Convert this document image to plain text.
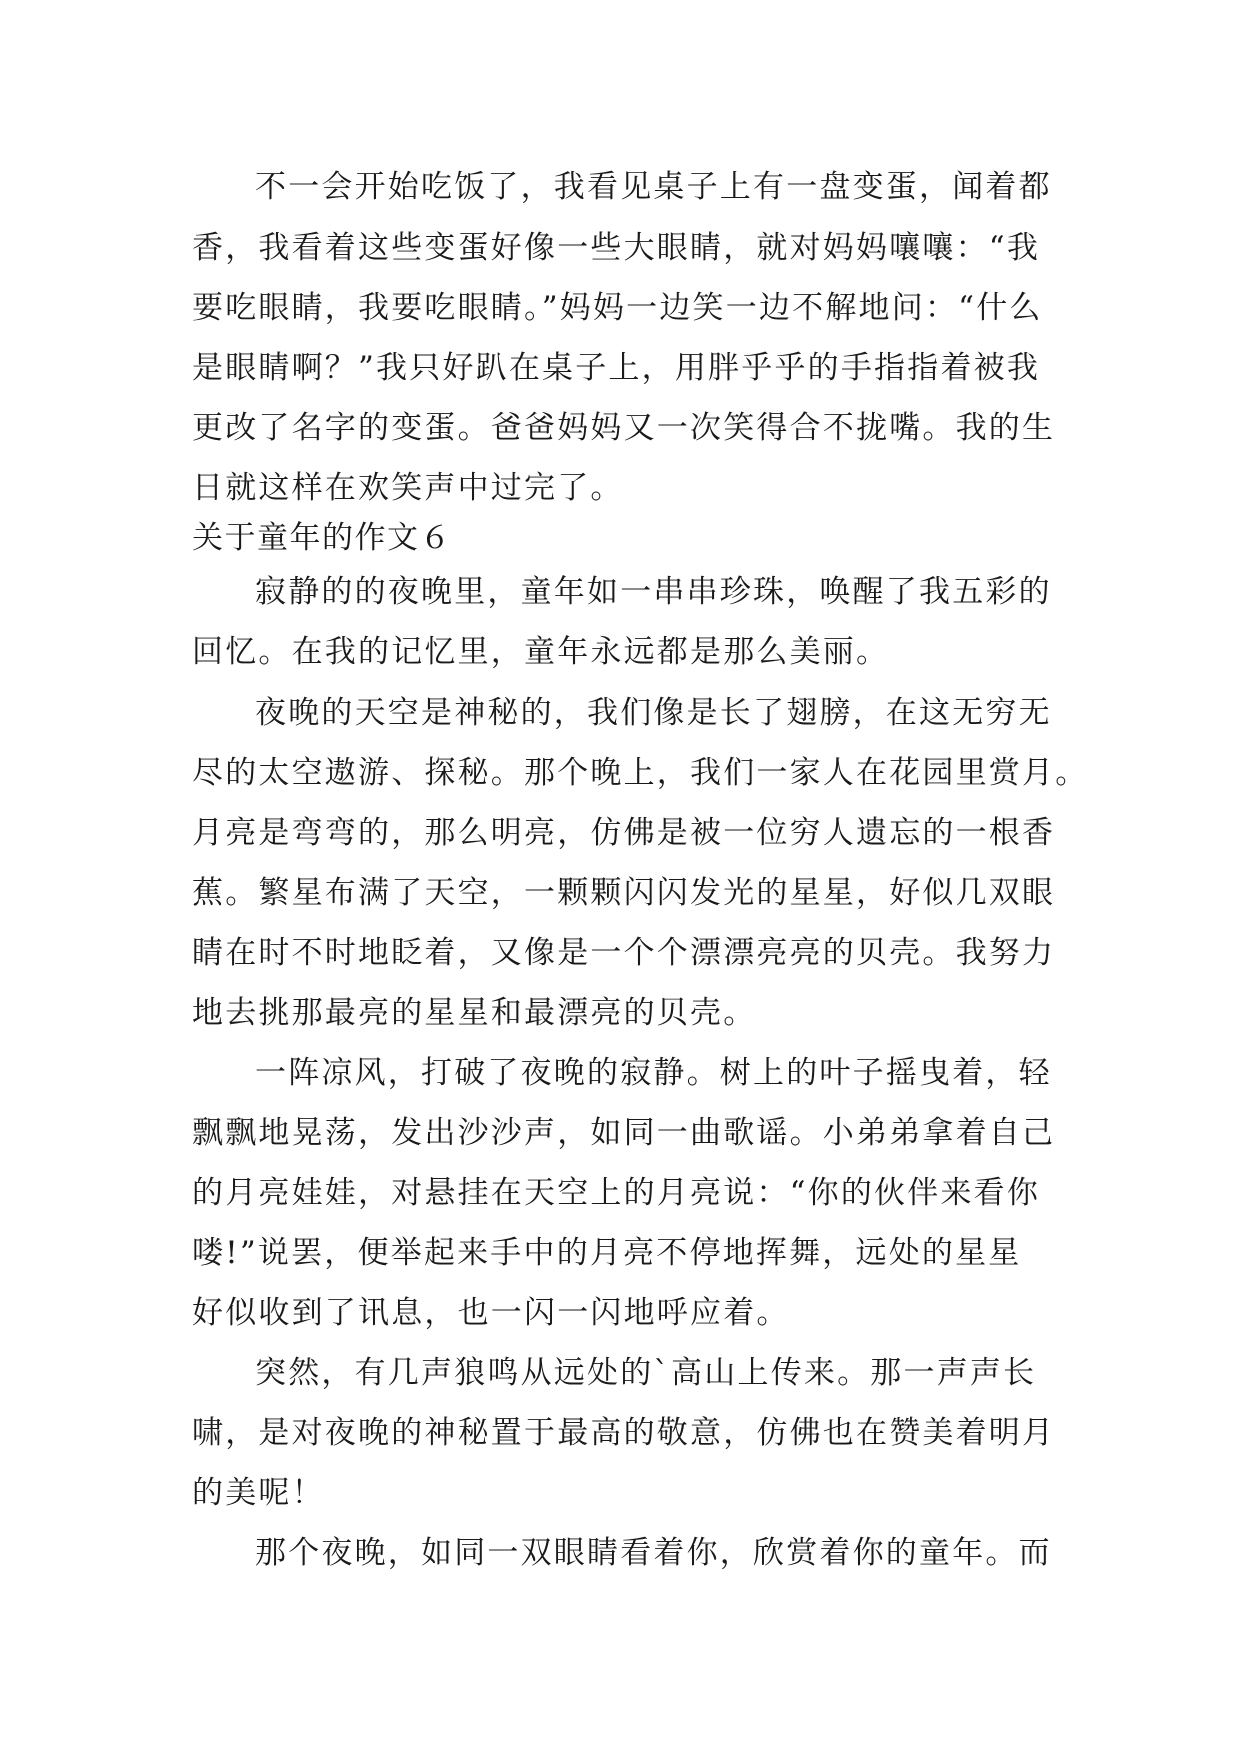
不一会开始吃饭了，我看见桌子上有一盘变蛋，闻着都
香，我看着这些变蛋好像一些大眼睛，就对妈妈嚷嚷：“我
要吃眼睛，我要吃眼睛。”妈妈一边笑一边不解地问：“什么
是眼睛啊？”我只好趴在桌子上，用胖乎乎的手指指着被我
更改了名字的变蛋。爸爸妈妈又一次笑得合不拢嘴。我的生
日就这样在欢笑声中过完了。
关于童年的作文６
寂静的的夜晚里，童年如一串串珍珠，唤醒了我五彩的
回忆。在我的记忆里，童年永远都是那么美丽。
夜晚的天空是神秘的，我们像是长了翅膀，在这无穷无
尽的太空遨游、探秘。那个晚上，我们一家人在花园里赏月。
月亮是弯弯的，那么明亮，仿佛是被一位穷人遗忘的一根香
蕉。繁星布满了天空，一颗颗闪闪发光的星星，好似几双眼
睛在时不时地眨着，又像是一个个漂漂亮亮的贝壳。我努力
地去挑那最亮的星星和最漂亮的贝壳。
一阵凉风，打破了夜晚的寂静。树上的叶子摇曳着，轻
飘飘地晃荡，发出沙沙声，如同一曲歌谣。小弟弟拿着自己
的月亮娃娃，对悬挂在天空上的月亮说：“你的伙伴来看你
喽!”说罢，便举起来手中的月亮不停地挥舞，远处的星星
好似收到了讯息，也一闪一闪地呼应着。
突然，有几声狼鸣从远处的`高山上传来。那一声声长
啸，是对夜晚的神秘置于最高的敬意，仿佛也在赞美着明月
的美呢！
那个夜晚，如同一双眼睛看着你，欣赏着你的童年。而
